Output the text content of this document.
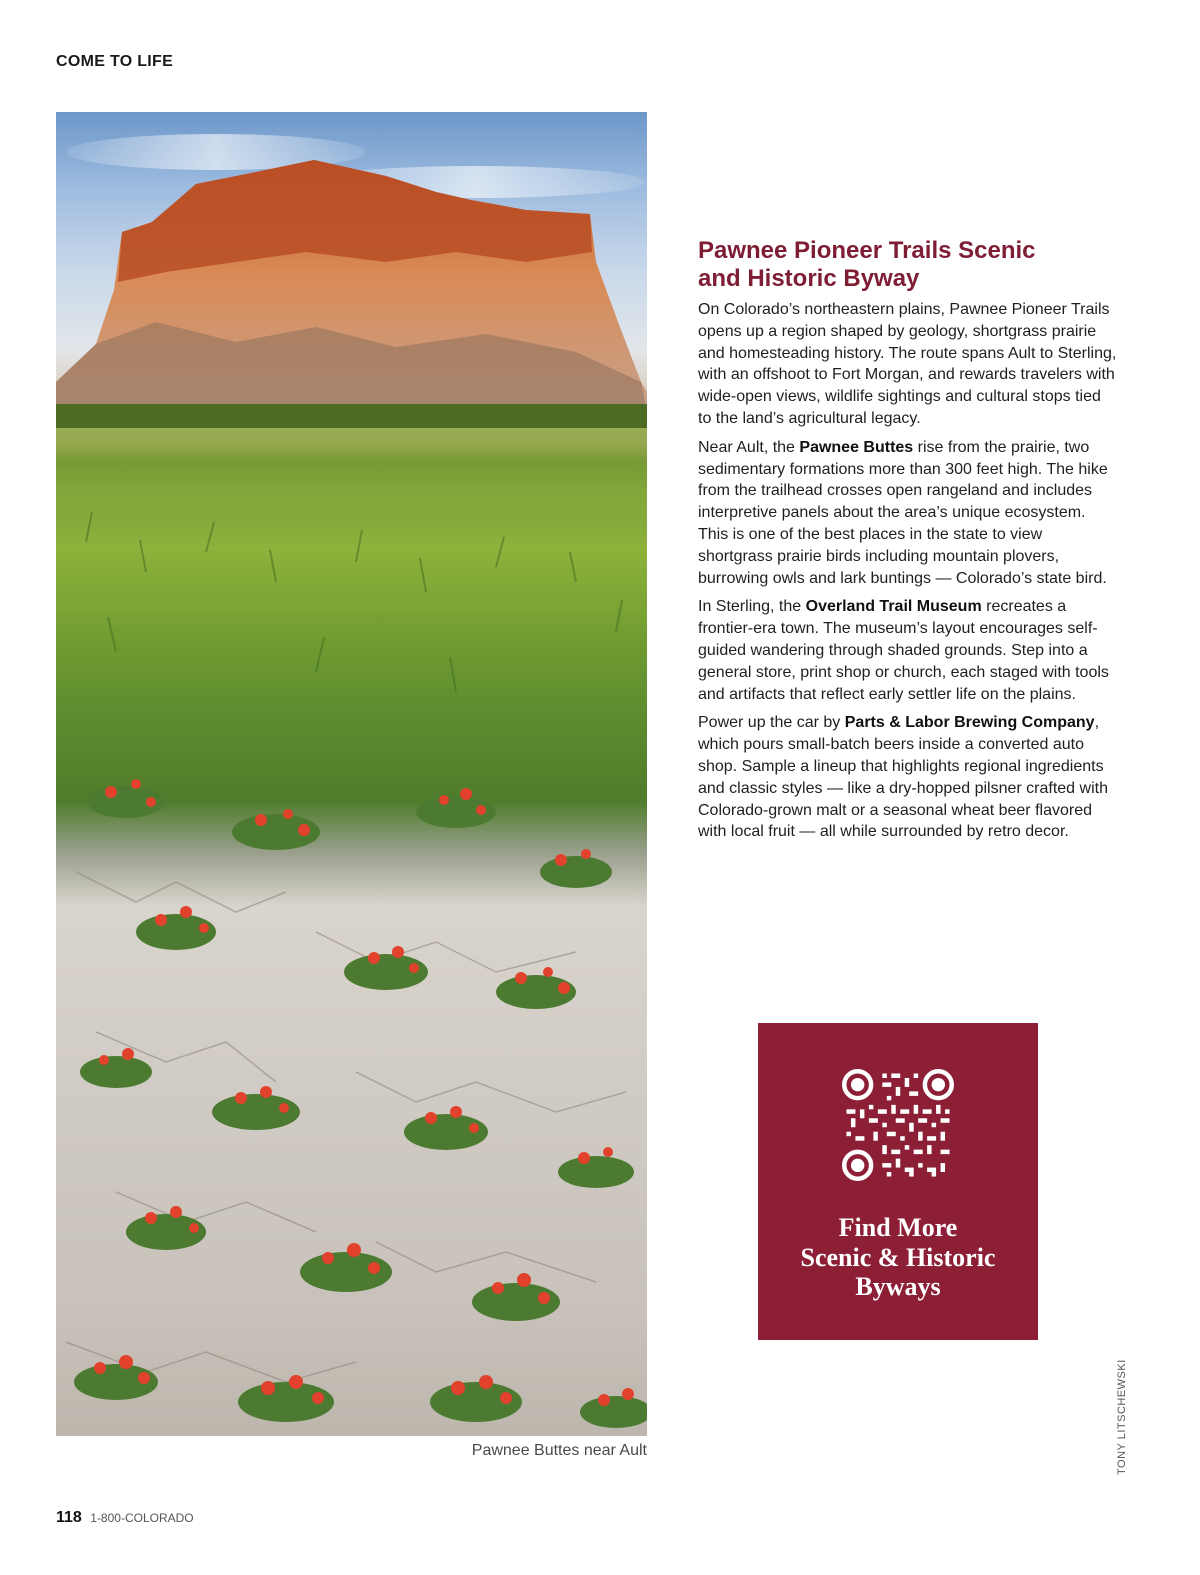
COME TO LIFE
Pawnee Buttes near Ault
Pawnee Pioneer Trails Scenic
and Historic Byway

On Colorado’s northeastern plains, Pawnee Pioneer Trails opens up a region shaped by geology, shortgrass prairie and homesteading history. The route spans Ault to Sterling, with an offshoot to Fort Morgan, and rewards travelers with wide-open views, wildlife sightings and cultural stops tied to the land’s agricultural legacy.

Near Ault, the Pawnee Buttes rise from the prairie, two sedimentary formations more than 300 feet high. The hike from the trailhead crosses open rangeland and includes interpretive panels about the area’s unique ecosystem. This is one of the best places in the state to view shortgrass prairie birds including mountain plovers, burrowing owls and lark buntings — Colorado’s state bird.

In Sterling, the Overland Trail Museum recreates a frontier-era town. The museum’s layout encourages self-guided wandering through shaded grounds. Step into a general store, print shop or church, each staged with tools and artifacts that reflect early settler life on the plains.

Power up the car by Parts & Labor Brewing Company, which pours small-batch beers inside a converted auto shop. Sample a lineup that highlights regional ingredients and classic styles — like a dry-hopped pilsner crafted with Colorado-grown malt or a seasonal wheat beer flavored with local fruit — all while surrounded by retro decor.

Find More
Scenic & Historic
Byways
TONY LITSCHEWSKI
118 1-800-COLORADO
